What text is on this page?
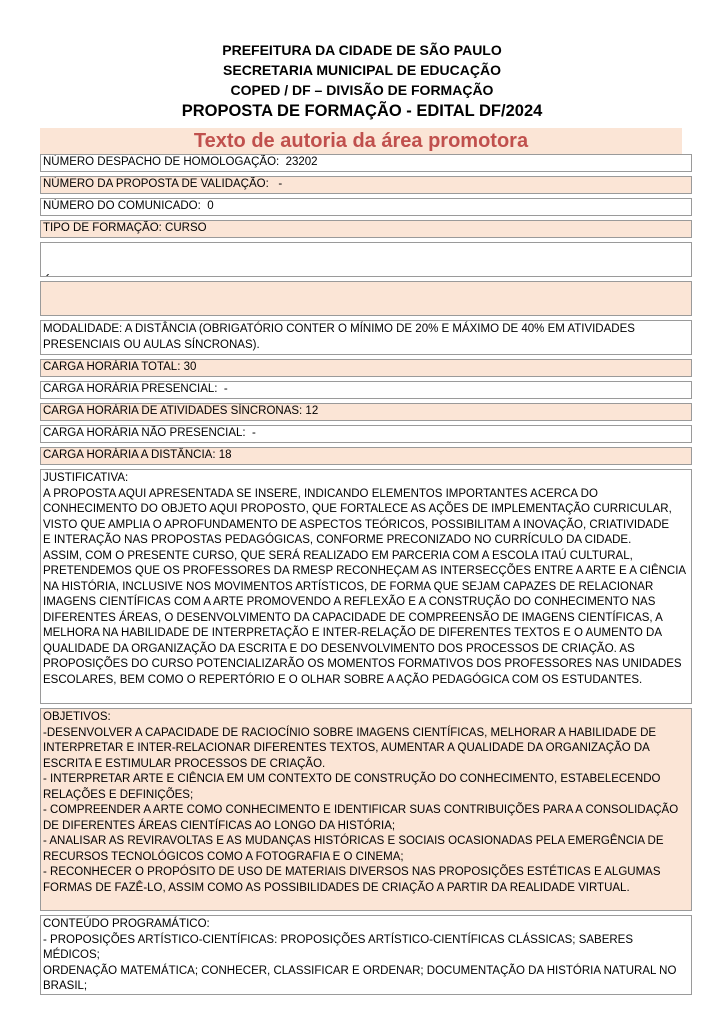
PREFEITURA DA CIDADE DE SÃO PAULO
SECRETARIA MUNICIPAL DE EDUCAÇÃO
COPED / DF – DIVISÃO DE FORMAÇÃO
PROPOSTA DE FORMAÇÃO - EDITAL DF/2024
Texto de autoria da área promotora
NÚMERO DESPACHO DE HOMOLOGAÇÃO:  23202
NÚMERO DA PROPOSTA DE VALIDAÇÃO:   -
NÚMERO DO COMUNICADO:  0
TIPO DE FORMAÇÃO: CURSO

MODALIDADE: A DISTÂNCIA (OBRIGATÓRIO CONTER O MÍNIMO DE 20% E MÁXIMO DE 40% EM ATIVIDADES
PRESENCIAIS OU AULAS SÍNCRONAS).
CARGA HORÁRIA TOTAL: 30
CARGA HORÁRIA PRESENCIAL:  -
CARGA HORÁRIA DE ATIVIDADES SÍNCRONAS: 12
CARGA HORÁRIA NÃO PRESENCIAL:  -
CARGA HORÁRIA A DISTÂNCIA: 18
JUSTIFICATIVA:
A PROPOSTA AQUI APRESENTADA SE INSERE, INDICANDO ELEMENTOS IMPORTANTES ACERCA DO
CONHECIMENTO DO OBJETO AQUI PROPOSTO, QUE FORTALECE AS AÇÕES DE IMPLEMENTAÇÃO CURRICULAR,
VISTO QUE AMPLIA O APROFUNDAMENTO DE ASPECTOS TEÓRICOS, POSSIBILITAM A INOVAÇÃO, CRIATIVIDADE
E INTERAÇÃO NAS PROPOSTAS PEDAGÓGICAS, CONFORME PRECONIZADO NO CURRÍCULO DA CIDADE.
ASSIM, COM O PRESENTE CURSO, QUE SERÁ REALIZADO EM PARCERIA COM A ESCOLA ITAÚ CULTURAL,
PRETENDEMOS QUE OS PROFESSORES DA RMESP RECONHEÇAM AS INTERSECÇÕES ENTRE A ARTE E A CIÊNCIA
NA HISTÓRIA, INCLUSIVE NOS MOVIMENTOS ARTÍSTICOS, DE FORMA QUE SEJAM CAPAZES DE RELACIONAR
IMAGENS CIENTÍFICAS COM A ARTE PROMOVENDO A REFLEXÃO E A CONSTRUÇÃO DO CONHECIMENTO NAS
DIFERENTES ÁREAS, O DESENVOLVIMENTO DA CAPACIDADE DE COMPREENSÃO DE IMAGENS CIENTÍFICAS, A
MELHORA NA HABILIDADE DE INTERPRETAÇÃO E INTER-RELAÇÃO DE DIFERENTES TEXTOS E O AUMENTO DA
QUALIDADE DA ORGANIZAÇÃO DA ESCRITA E DO DESENVOLVIMENTO DOS PROCESSOS DE CRIAÇÃO. AS
PROPOSIÇÕES DO CURSO POTENCIALIZARÃO OS MOMENTOS FORMATIVOS DOS PROFESSORES NAS UNIDADES
ESCOLARES, BEM COMO O REPERTÓRIO E O OLHAR SOBRE A AÇÃO PEDAGÓGICA COM OS ESTUDANTES.
OBJETIVOS:
-DESENVOLVER A CAPACIDADE DE RACIOCÍNIO SOBRE IMAGENS CIENTÍFICAS, MELHORAR A HABILIDADE DE
INTERPRETAR E INTER-RELACIONAR DIFERENTES TEXTOS, AUMENTAR A QUALIDADE DA ORGANIZAÇÃO DA
ESCRITA E ESTIMULAR PROCESSOS DE CRIAÇÃO.
- INTERPRETAR ARTE E CIÊNCIA EM UM CONTEXTO DE CONSTRUÇÃO DO CONHECIMENTO, ESTABELECENDO
RELAÇÕES E DEFINIÇÕES;
- COMPREENDER A ARTE COMO CONHECIMENTO E IDENTIFICAR SUAS CONTRIBUIÇÕES PARA A CONSOLIDAÇÃO
DE DIFERENTES ÁREAS CIENTÍFICAS AO LONGO DA HISTÓRIA;
- ANALISAR AS REVIRAVOLTAS E AS MUDANÇAS HISTÓRICAS E SOCIAIS OCASIONADAS PELA EMERGÊNCIA DE
RECURSOS TECNOLÓGICOS COMO A FOTOGRAFIA E O CINEMA;
- RECONHECER O PROPÓSITO DE USO DE MATERIAIS DIVERSOS NAS PROPOSIÇÕES ESTÉTICAS E ALGUMAS
FORMAS DE FAZÊ-LO, ASSIM COMO AS POSSIBILIDADES DE CRIAÇÃO A PARTIR DA REALIDADE VIRTUAL.
CONTEÚDO PROGRAMÁTICO:
- PROPOSIÇÕES ARTÍSTICO-CIENTÍFICAS: PROPOSIÇÕES ARTÍSTICO-CIENTÍFICAS CLÁSSICAS; SABERES MÉDICOS;
ORDENAÇÃO MATEMÁTICA; CONHECER, CLASSIFICAR E ORDENAR; DOCUMENTAÇÃO DA HISTÓRIA NATURAL NO
BRASIL;
